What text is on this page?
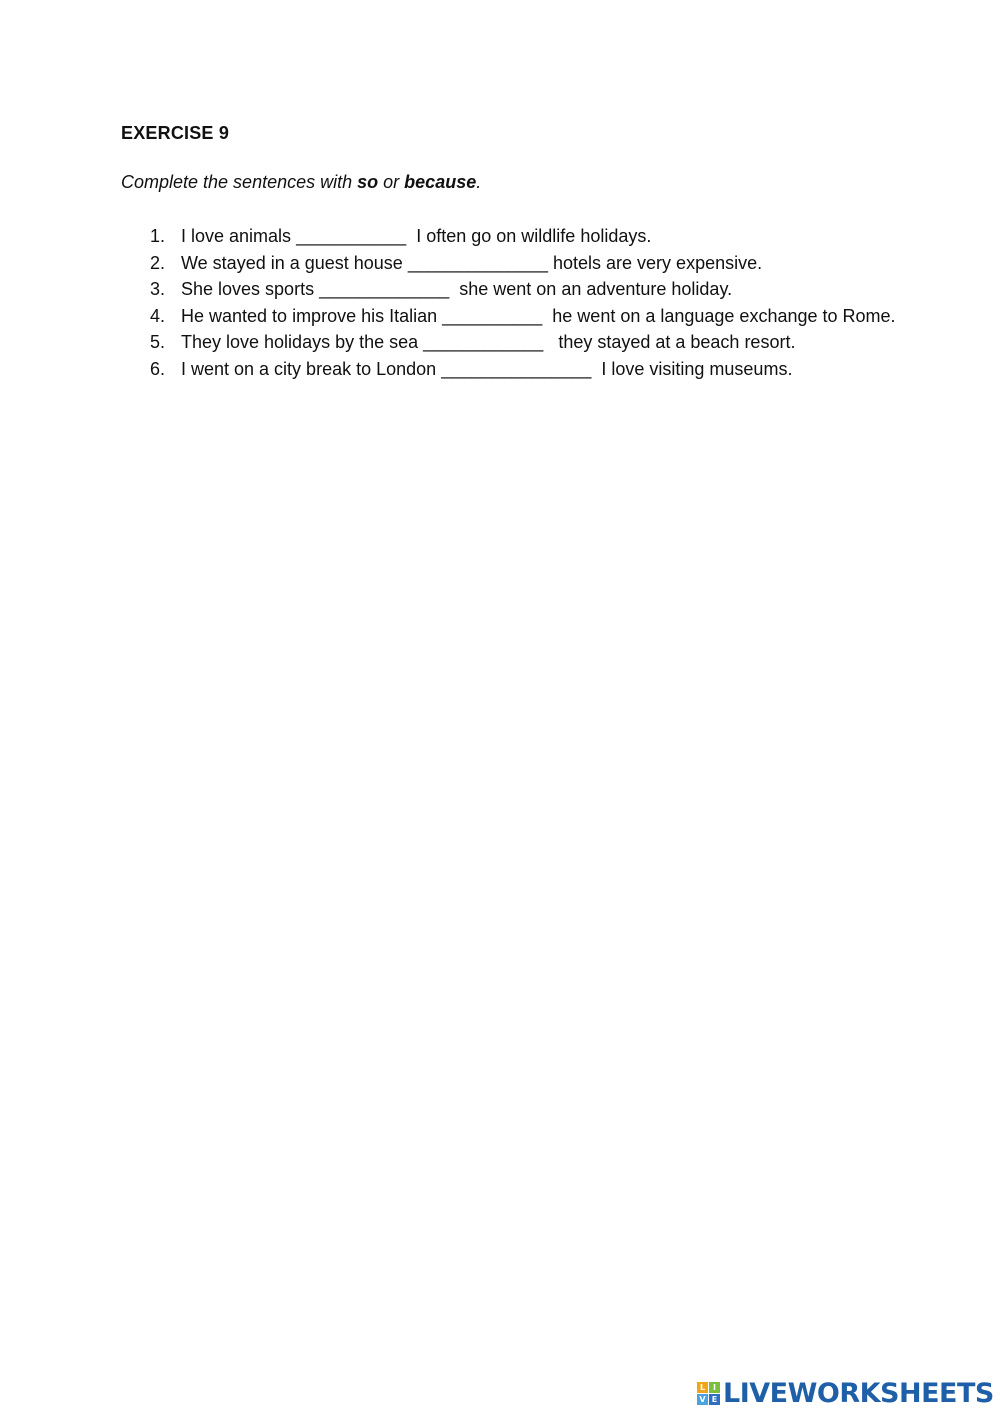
EXERCISE 9
Complete the sentences with so or because.
1. I love animals ___________ I often go on wildlife holidays.
2. We stayed in a guest house ______________ hotels are very expensive.
3. She loves sports _____________ she went on an adventure holiday.
4. He wanted to improve his Italian __________ he went on a language exchange to Rome.
5. They love holidays by the sea ____________ they stayed at a beach resort.
6. I went on a city break to London _______________ I love visiting museums.
L I
V E LIVEWORKSHEETS
